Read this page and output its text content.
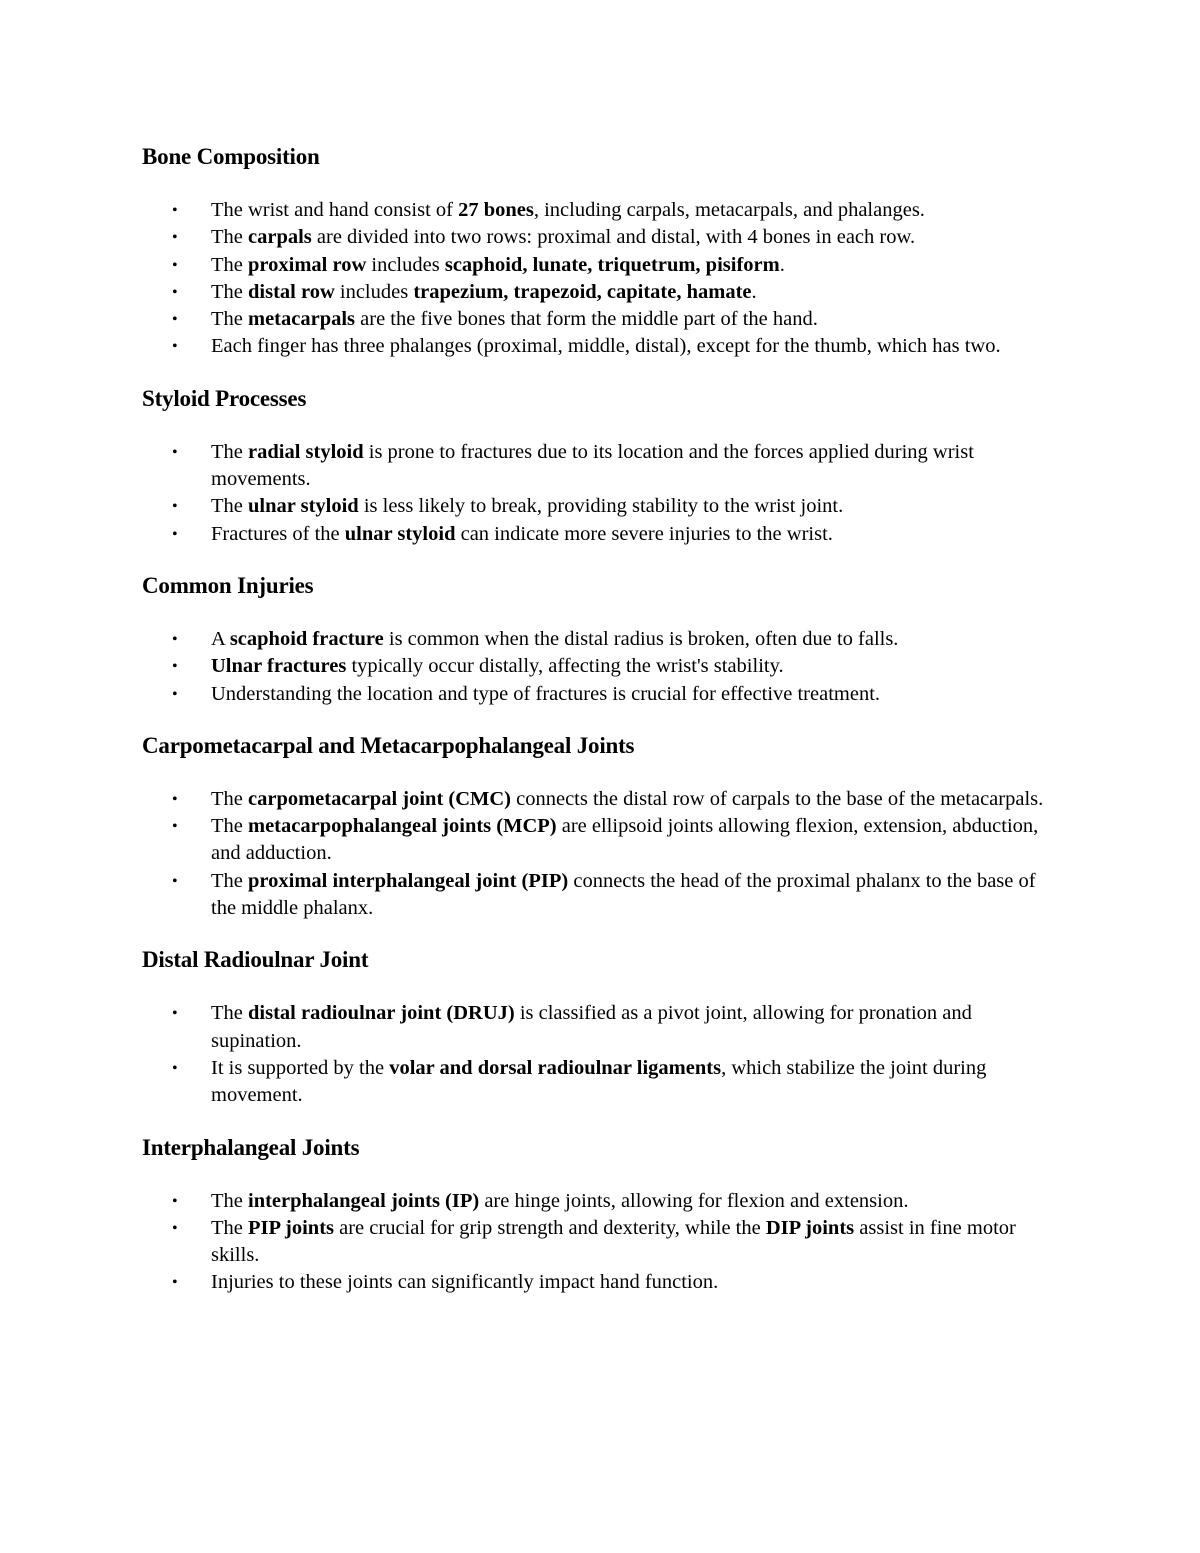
Bone Composition
• The wrist and hand consist of 27 bones, including carpals, metacarpals, and phalanges.
• The carpals are divided into two rows: proximal and distal, with 4 bones in each row.
• The proximal row includes scaphoid, lunate, triquetrum, pisiform.
• The distal row includes trapezium, trapezoid, capitate, hamate.
• The metacarpals are the five bones that form the middle part of the hand.
• Each finger has three phalanges (proximal, middle, distal), except for the thumb, which has two.
Styloid Processes
• The radial styloid is prone to fractures due to its location and the forces applied during wrist movements.
• The ulnar styloid is less likely to break, providing stability to the wrist joint.
• Fractures of the ulnar styloid can indicate more severe injuries to the wrist.
Common Injuries
• A scaphoid fracture is common when the distal radius is broken, often due to falls.
• Ulnar fractures typically occur distally, affecting the wrist's stability.
• Understanding the location and type of fractures is crucial for effective treatment.
Carpometacarpal and Metacarpophalangeal Joints
• The carpometacarpal joint (CMC) connects the distal row of carpals to the base of the metacarpals.
• The metacarpophalangeal joints (MCP) are ellipsoid joints allowing flexion, extension, abduction, and adduction.
• The proximal interphalangeal joint (PIP) connects the head of the proximal phalanx to the base of the middle phalanx.
Distal Radioulnar Joint
• The distal radioulnar joint (DRUJ) is classified as a pivot joint, allowing for pronation and supination.
• It is supported by the volar and dorsal radioulnar ligaments, which stabilize the joint during movement.
Interphalangeal Joints
• The interphalangeal joints (IP) are hinge joints, allowing for flexion and extension.
• The PIP joints are crucial for grip strength and dexterity, while the DIP joints assist in fine motor skills.
• Injuries to these joints can significantly impact hand function.
